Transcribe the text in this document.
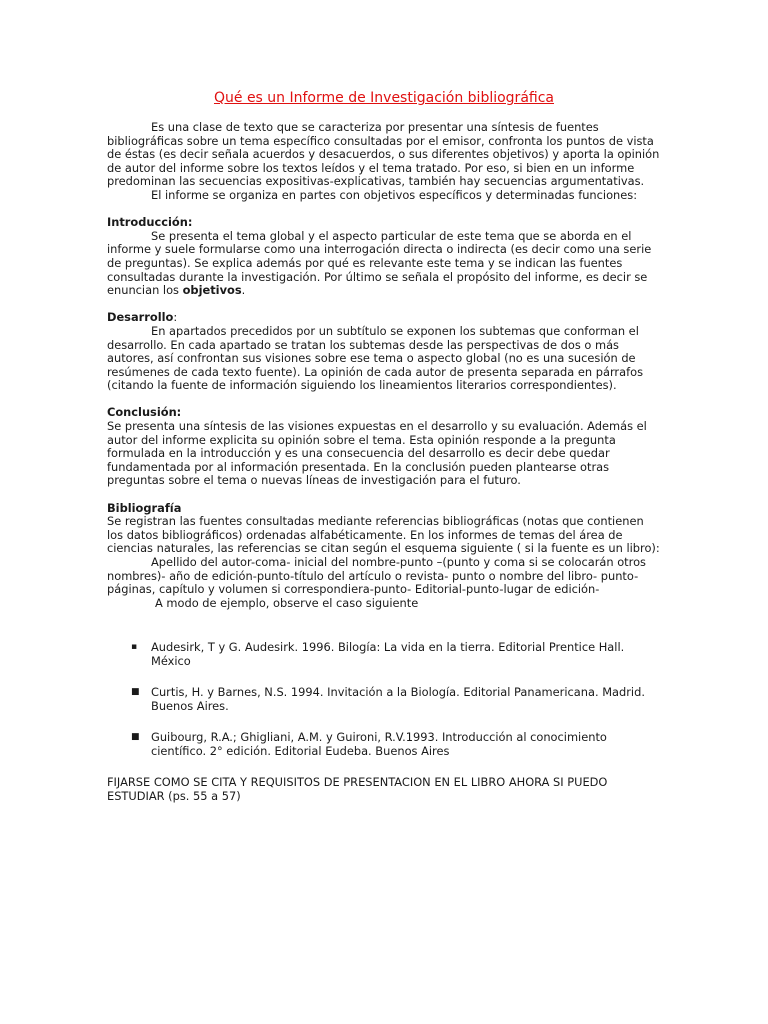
Qué es un Informe de Investigación bibliográfica

Es una clase de texto que se caracteriza por presentar una síntesis de fuentes bibliográficas sobre un tema específico consultadas por el emisor, confronta los puntos de vista de éstas (es decir señala acuerdos y desacuerdos, o sus diferentes objetivos) y aporta la opinión de autor del informe sobre los textos leídos y el tema tratado. Por eso, si bien en un informe predominan las secuencias expositivas-explicativas, también hay secuencias argumentativas.

El informe se organiza en partes con objetivos específicos y determinadas funciones:

Introducción:

Se presenta el tema global y el aspecto particular de este tema que se aborda en el informe y suele formularse como una interrogación directa o indirecta (es decir como una serie de preguntas). Se explica además por qué es relevante este tema y se indican las fuentes consultadas durante la investigación. Por último se señala el propósito del informe, es decir se enuncian los objetivos.

Desarrollo:

En apartados precedidos por un subtítulo se exponen los subtemas que conforman el desarrollo. En cada apartado se tratan los subtemas desde las perspectivas de dos o más autores, así confrontan sus visiones sobre ese tema o aspecto global (no es una sucesión de resúmenes de cada texto fuente). La opinión de cada autor de presenta separada en párrafos (citando la fuente de información siguiendo los lineamientos literarios correspondientes).

Conclusión:

Se presenta una síntesis de las visiones expuestas en el desarrollo y su evaluación. Además el autor del informe explicita su opinión sobre el tema. Esta opinión responde a la pregunta formulada en la introducción y es una consecuencia del desarrollo es decir debe quedar fundamentada por al información presentada. En la conclusión pueden plantearse otras preguntas sobre el tema o nuevas líneas de investigación para el futuro.

Bibliografía

Se registran las fuentes consultadas mediante referencias bibliográficas (notas que contienen los datos bibliográficos) ordenadas alfabéticamente. En los informes de temas del área de ciencias naturales, las referencias se citan según el esquema siguiente ( si la fuente es un libro):

Apellido del autor-coma- inicial del nombre-punto –(punto y coma si se colocarán otros nombres)- año de edición-punto-título del artículo o revista- punto o nombre del libro- punto- páginas, capítulo y volumen si correspondiera-punto- Editorial-punto-lugar de edición-

A modo de ejemplo, observe el caso siguiente

▪ Audesirk, T y G. Audesirk. 1996. Bilogía: La vida en la tierra. Editorial Prentice Hall. México
■ Curtis, H. y Barnes, N.S. 1994. Invitación a la Biología. Editorial Panamericana. Madrid. Buenos Aires.
■ Guibourg, R.A.; Ghigliani, A.M. y Guironi, R.V.1993. Introducción al conocimiento científico. 2° edición. Editorial Eudeba. Buenos Aires

FIJARSE COMO SE CITA Y REQUISITOS DE PRESENTACION EN EL LIBRO AHORA SI PUEDO ESTUDIAR (ps. 55 a 57)
